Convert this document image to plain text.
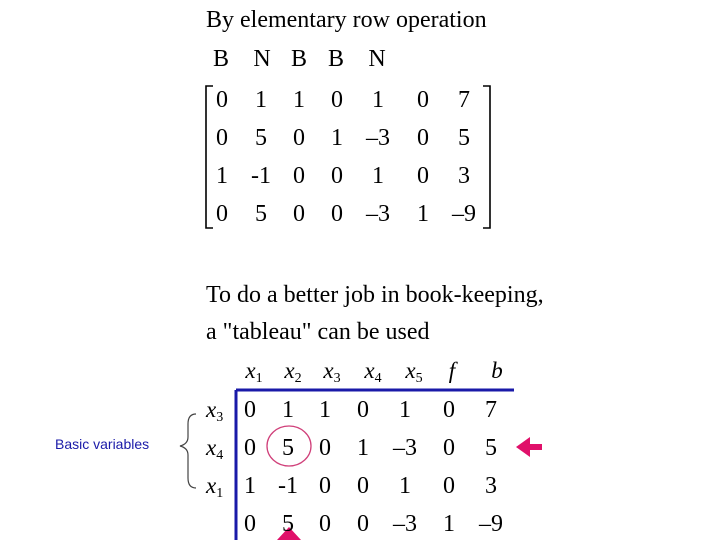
By elementary row operation
B N B B N
0 1 1 0 1 0 7
0 5 0 1 –3 0 5
1 -1 0 0 1 0 3
0 5 0 0 –3 1 –9
To do a better job in book-keeping,
a "tableau" can be used
$x_1$ $x_2$ $x_3$ $x_4$ $x_5$ f b
$x_3$
$x_4$
$x_1$
Basic variables
0 1 1 0 1 0 7
0 5 0 1 –3 0 5
1 -1 0 0 1 0 3
0 5 0 0 –3 1 –9
